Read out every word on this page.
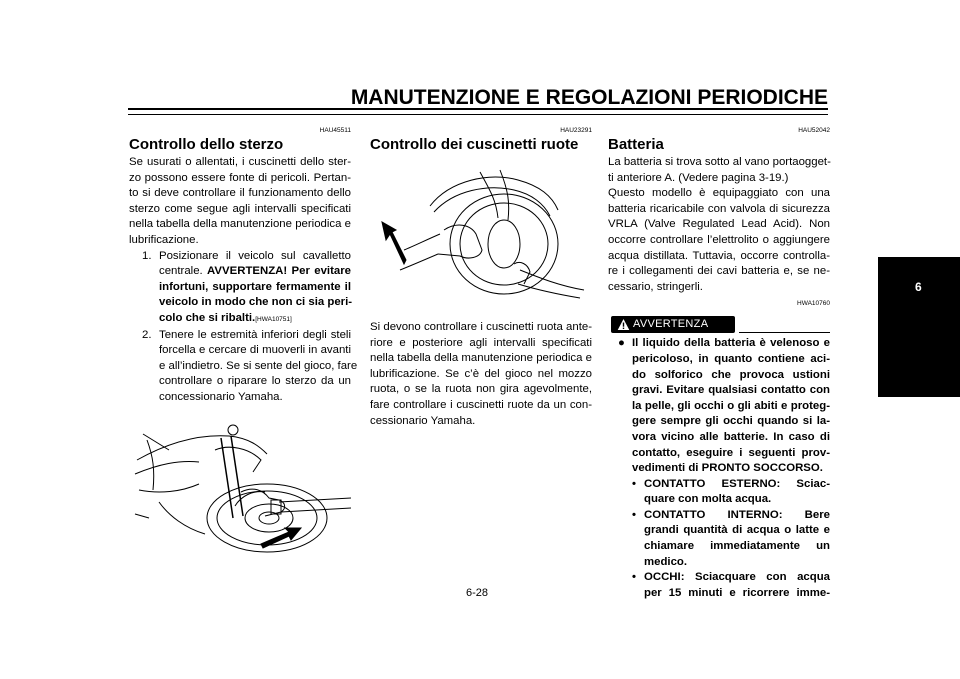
MANUTENZIONE E REGOLAZIONI PERIODICHE
HAU45511
Controllo dello sterzo
Se usurati o allentati, i cuscinetti dello ster-
zo possono essere fonte di pericoli. Pertan-
to si deve controllare il funzionamento dello
sterzo come segue agli intervalli specificati
nella tabella della manutenzione periodica e
lubrificazione.
1. Posizionare il veicolo sul cavalletto
centrale. AVVERTENZA! Per evitare
infortuni, supportare fermamente il
veicolo in modo che non ci sia peri-
colo che si ribalti.[HWA10751]
2. Tenere le estremità inferiori degli steli
forcella e cercare di muoverli in avanti
e all’indietro. Se si sente del gioco, fare
controllare o riparare lo sterzo da un
concessionario Yamaha.
HAU23291
Controllo dei cuscinetti ruote
Si devono controllare i cuscinetti ruota ante-
riore e posteriore agli intervalli specificati
nella tabella della manutenzione periodica e
lubrificazione. Se c’è del gioco nel mozzo
ruota, o se la ruota non gira agevolmente,
fare controllare i cuscinetti ruote da un con-
cessionario Yamaha.
HAU52042
Batteria
La batteria si trova sotto al vano portaogget-
ti anteriore A. (Vedere pagina 3-19.)
Questo modello è equipaggiato con una
batteria ricaricabile con valvola di sicurezza
VRLA (Valve Regulated Lead Acid). Non
occorre controllare l’elettrolito o aggiungere
acqua distillata. Tuttavia, occorre controlla-
re i collegamenti dei cavi batteria e, se ne-
cessario, stringerli.
HWA10760
AVVERTENZA
● Il liquido della batteria è velenoso e
pericoloso, in quanto contiene aci-
do solforico che provoca ustioni
gravi. Evitare qualsiasi contatto con
la pelle, gli occhi o gli abiti e proteg-
gere sempre gli occhi quando si la-
vora vicino alle batterie. In caso di
contatto, eseguire i seguenti prov-
vedimenti di PRONTO SOCCORSO.
• CONTATTO ESTERNO: Sciac-
quare con molta acqua.
• CONTATTO INTERNO: Bere
grandi quantità di acqua o latte e
chiamare immediatamente un
medico.
• OCCHI: Sciacquare con acqua
per 15 minuti e ricorrere imme-
6
6-28
